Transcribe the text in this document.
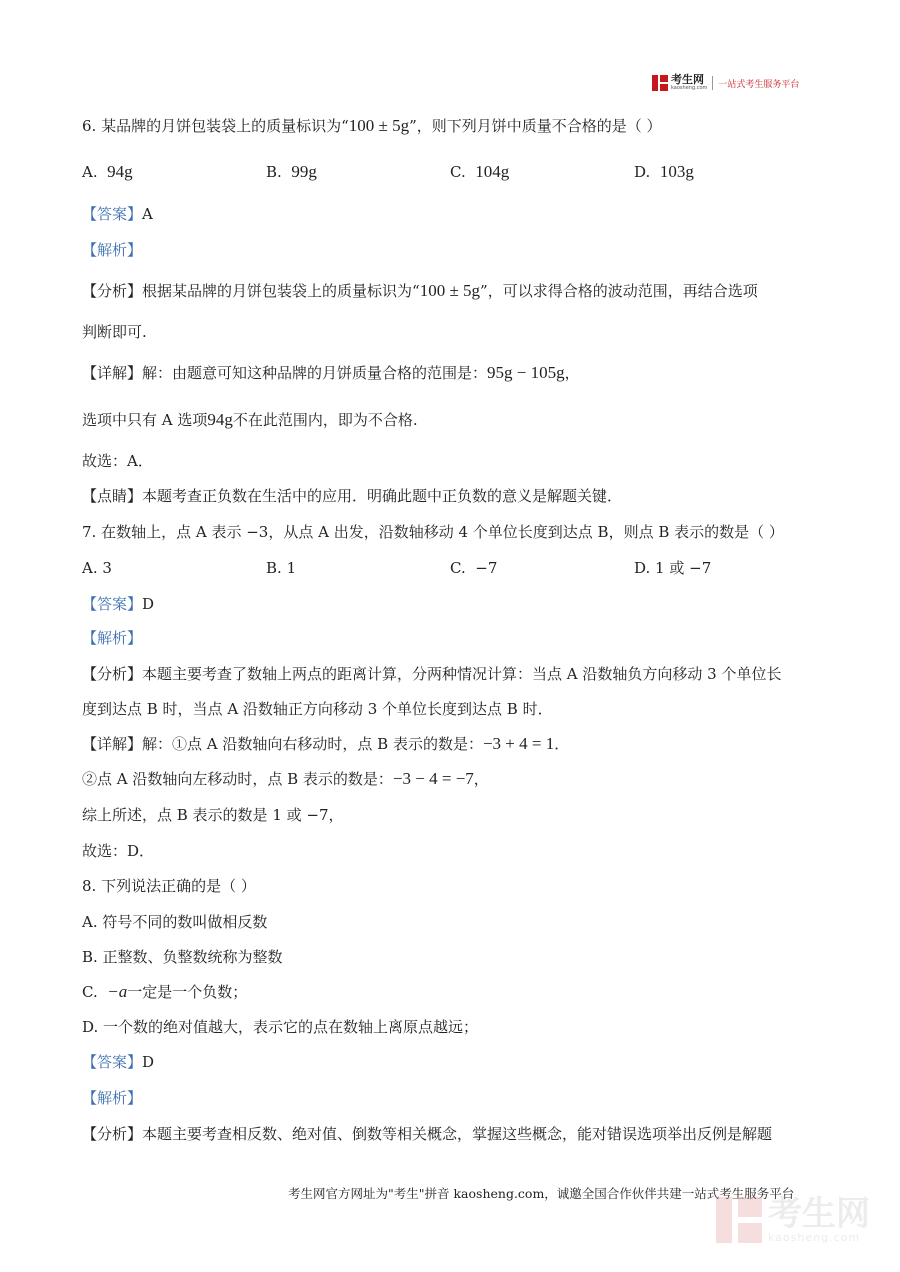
考生网
kaosheng.com 一站式考生服务平台
6. 某品牌的月饼包装袋上的质量标识为“100 ± 5g”，则下列月饼中质量不合格的是（ ）
A. 94g	B. 99g	C. 104g	D. 103g
【答案】A
【解析】
【分析】根据某品牌的月饼包装袋上的质量标识为“100 ± 5g”，可以求得合格的波动范围，再结合选项
判断即可.
【详解】解：由题意可知这种品牌的月饼质量合格的范围是：95g − 105g，
选项中只有 A 选项94g不在此范围内，即为不合格.
故选：A．
【点睛】本题考查正负数在生活中的应用．明确此题中正负数的意义是解题关键．
7. 在数轴上，点 A 表示 −3，从点 A 出发，沿数轴移动 4 个单位长度到达点 B，则点 B 表示的数是（ ）
A. 3	B. 1	C. −7	D. 1 或 −7
【答案】D
【解析】
【分析】本题主要考查了数轴上两点的距离计算，分两种情况计算：当点 A 沿数轴负方向移动 3 个单位长
度到达点 B 时，当点 A 沿数轴正方向移动 3 个单位长度到达点 B 时．
【详解】解：①点 A 沿数轴向右移动时，点 B 表示的数是：−3 + 4 = 1．
②点 A 沿数轴向左移动时，点 B 表示的数是：−3 − 4 = −7，
综上所述，点 B 表示的数是 1 或 −7，
故选：D．
8. 下列说法正确的是（ ）
A. 符号不同的数叫做相反数
B. 正整数、负整数统称为整数
C. −a一定是一个负数；
D. 一个数的绝对值越大，表示它的点在数轴上离原点越远；
【答案】D
【解析】
【分析】本题主要考查相反数、绝对值、倒数等相关概念，掌握这些概念，能对错误选项举出反例是解题
考生网官方网址为"考生"拼音 kaosheng.com，诚邀全国合作伙伴共建一站式考生服务平台
考生网
kaosheng.com
